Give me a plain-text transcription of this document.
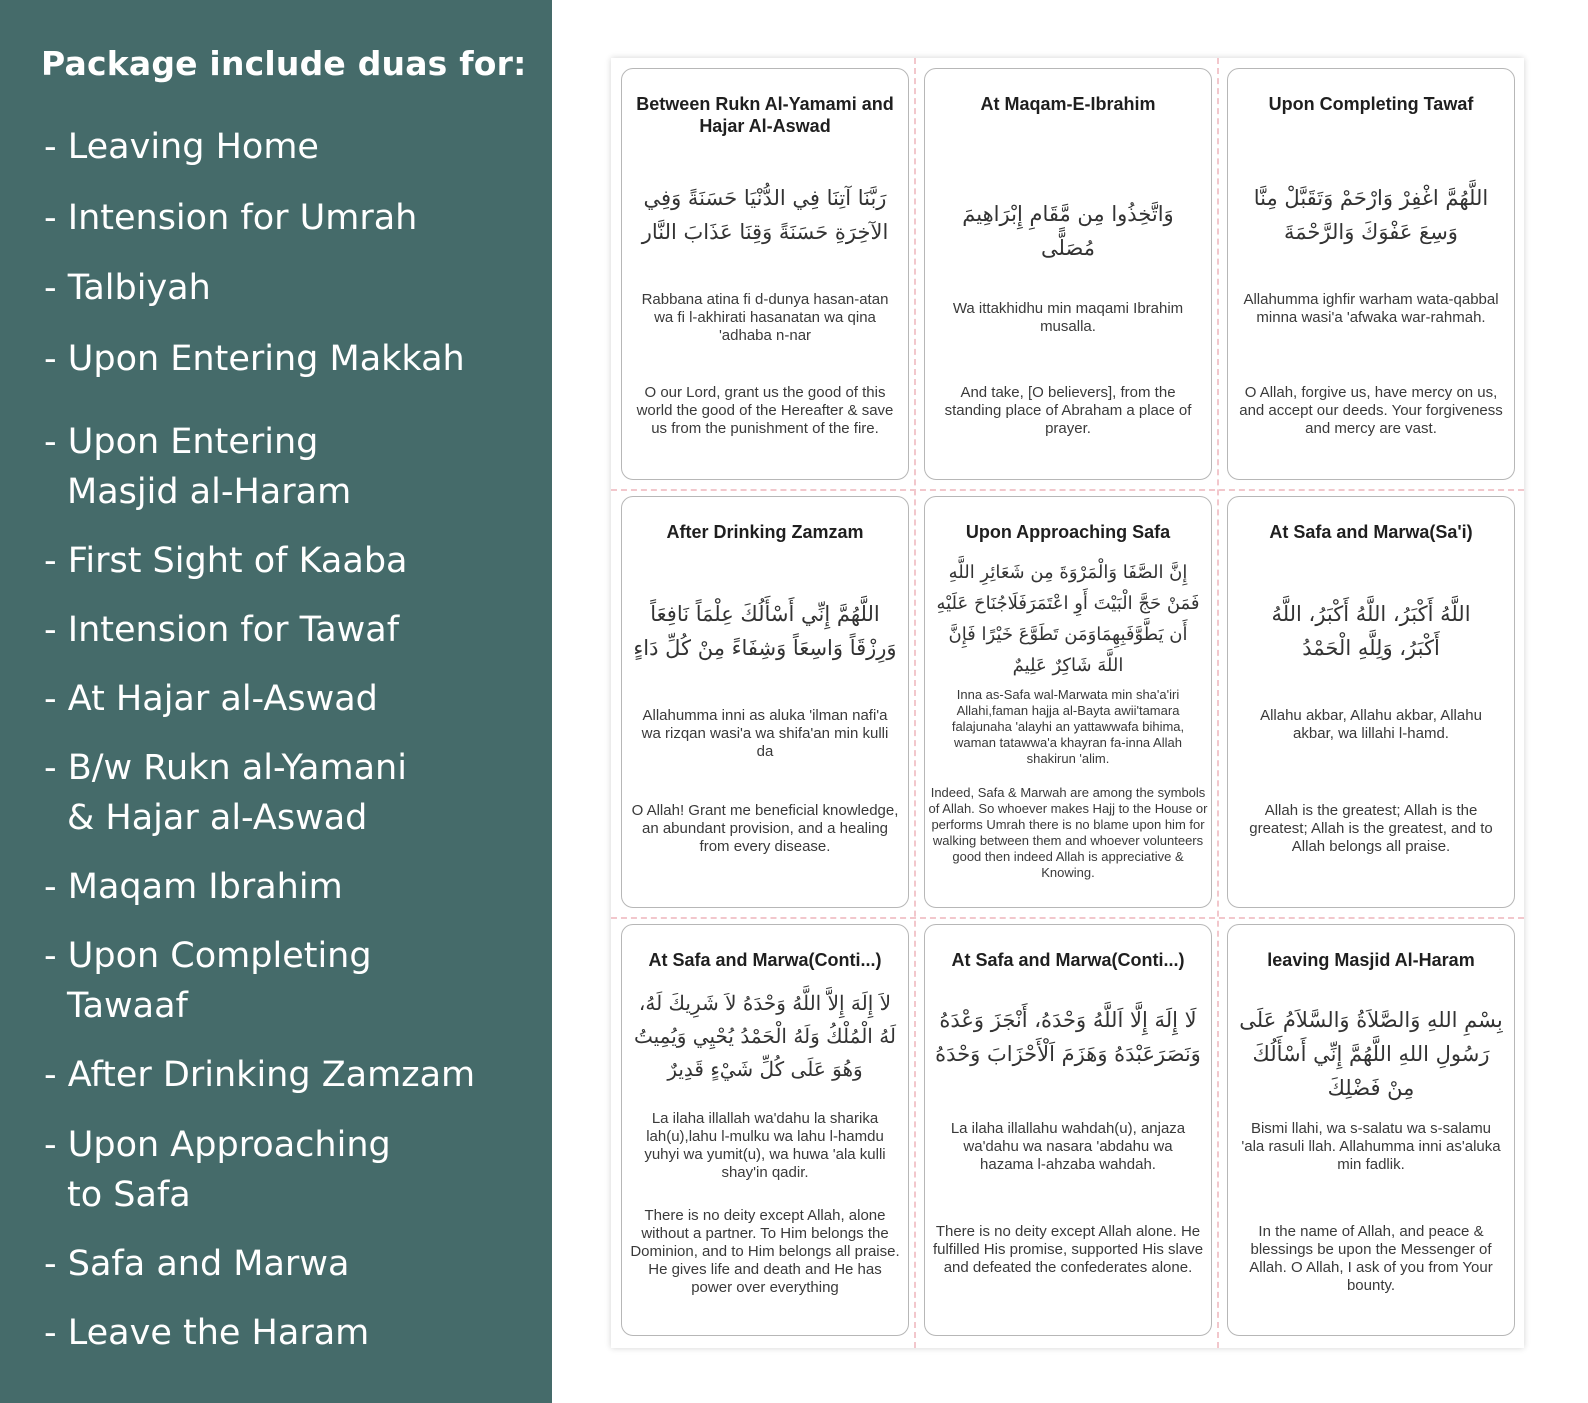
Package include duas for:
- Leaving Home
- Intension for Umrah
- Talbiyah
- Upon Entering Makkah
- Upon Entering
Masjid al-Haram
- First Sight of Kaaba
- Intension for Tawaf
- At Hajar al-Aswad
- B/w Rukn al-Yamani
& Hajar al-Aswad
- Maqam Ibrahim
- Upon Completing
Tawaaf
- After Drinking Zamzam
- Upon Approaching
to Safa
- Safa and Marwa
- Leave the Haram
Between Rukn Al-Yamami and Hajar Al-Aswad
رَبَّنَا آتِنَا فِي الدُّنْيَا حَسَنَةً وَفِي الآخِرَةِ حَسَنَةً وَقِنَا عَذَابَ النَّار
Rabbana atina fi d-dunya hasan-atan wa fi l-akhirati hasanatan wa qina 'adhaba n-nar
O our Lord, grant us the good of this world the good of the Hereafter & save us from the punishment of the fire.
At Maqam-E-Ibrahim
وَاتَّخِذُوا مِن مَّقَامِ إِبْرَاهِيمَ مُصَلًّى
Wa ittakhidhu min maqami Ibrahim musalla.
And take, [O believers], from the standing place of Abraham a place of prayer.
Upon Completing Tawaf
اللَّهُمَّ اغْفِرْ وَارْحَمْ وَتَقَبَّلْ مِنَّا وَسِعَ عَفْوَكَ وَالرَّحْمَةَ
Allahumma ighfir warham wata-qabbal minna wasi'a 'afwaka war-rahmah.
O Allah, forgive us, have mercy on us, and accept our deeds. Your forgiveness and mercy are vast.
After Drinking Zamzam
اللَّهُمَّ إِنِّي أَسْأَلُكَ عِلْمَاً نَافِعَاً وَرِزْقَاً وَاسِعَاً وَشِفَاءً مِنْ كُلِّ دَاءٍ
Allahumma inni as aluka 'ilman nafi'a wa rizqan wasi'a wa shifa'an min kulli da
O Allah! Grant me beneficial knowledge, an abundant provision, and a healing from every disease.
Upon Approaching Safa
إِنَّ الصَّفَا وَالْمَرْوَةَ مِن شَعَائِرِ اللَّهِ فَمَنْ حَجَّ الْبَيْتَ أَوِ اعْتَمَرَفَلَاجُنَاحَ عَلَيْهِ أَن يَطَّوَّفَبِهِمَاوَمَن تَطَوَّعَ خَيْرًا فَإِنَّ اللَّهَ شَاكِرٌ عَلِيمٌ
Inna as-Safa wal-Marwata min sha'a'iri Allahi,faman hajja al-Bayta awii'tamara falajunaha 'alayhi an yattawwafa bihima, waman tatawwa'a khayran fa-inna Allah shakirun 'alim.
Indeed, Safa & Marwah are among the symbols of Allah. So whoever makes Hajj to the House or performs Umrah there is no blame upon him for walking between them and whoever volunteers good then indeed Allah is appreciative & Knowing.
At Safa and Marwa(Sa'i)
اللَّهُ أَكْبَرُ، اللَّهُ أَكْبَرُ، اللَّهُ أَكْبَرُ، وَلِلَّهِ الْحَمْدُ
Allahu akbar, Allahu akbar, Allahu akbar, wa lillahi l-hamd.
Allah is the greatest; Allah is the greatest; Allah is the greatest, and to Allah belongs all praise.
At Safa and Marwa(Conti...)
لاَ إِلَهَ إِلاَّ اللَّهُ وَحْدَهُ لاَ شَرِيكَ لَهُ، لَهُ الْمُلْكُ وَلَهُ الْحَمْدُ يُحْيِي وَيُمِيتُ وَهُوَ عَلَى كُلِّ شَيْءٍ قَدِيرٌ
La ilaha illallah wa'dahu la sharika lah(u),lahu l-mulku wa lahu l-hamdu yuhyi wa yumit(u), wa huwa 'ala kulli shay'in qadir.
There is no deity except Allah, alone without a partner. To Him belongs the Dominion, and to Him belongs all praise. He gives life and death and He has power over everything
At Safa and Marwa(Conti...)
لَا إِلَهَ إِلَّا اَللَّهُ وَحْدَهُ، أَنْجَزَ وَعْدَهُ وَنَصَرَعَبْدَهُ وَهَزَمَ اَلْأَحْزَابَ وَحْدَهُ
La ilaha illallahu wahdah(u), anjaza wa'dahu wa nasara 'abdahu wa hazama l-ahzaba wahdah.
There is no deity except Allah alone. He fulfilled His promise, supported His slave and defeated the confederates alone.
leaving Masjid Al-Haram
بِسْمِ اللهِ وَالصَّلاَةُ وَالسَّلاَمُ عَلَى رَسُولِ اللهِ اللَّهُمَّ إِنِّي أَسْأَلُكَ مِنْ فَضْلِكَ
Bismi llahi, wa s-salatu wa s-salamu 'ala rasuli llah. Allahumma inni as'aluka min fadlik.
In the name of Allah, and peace & blessings be upon the Messenger of Allah. O Allah, I ask of you from Your bounty.
